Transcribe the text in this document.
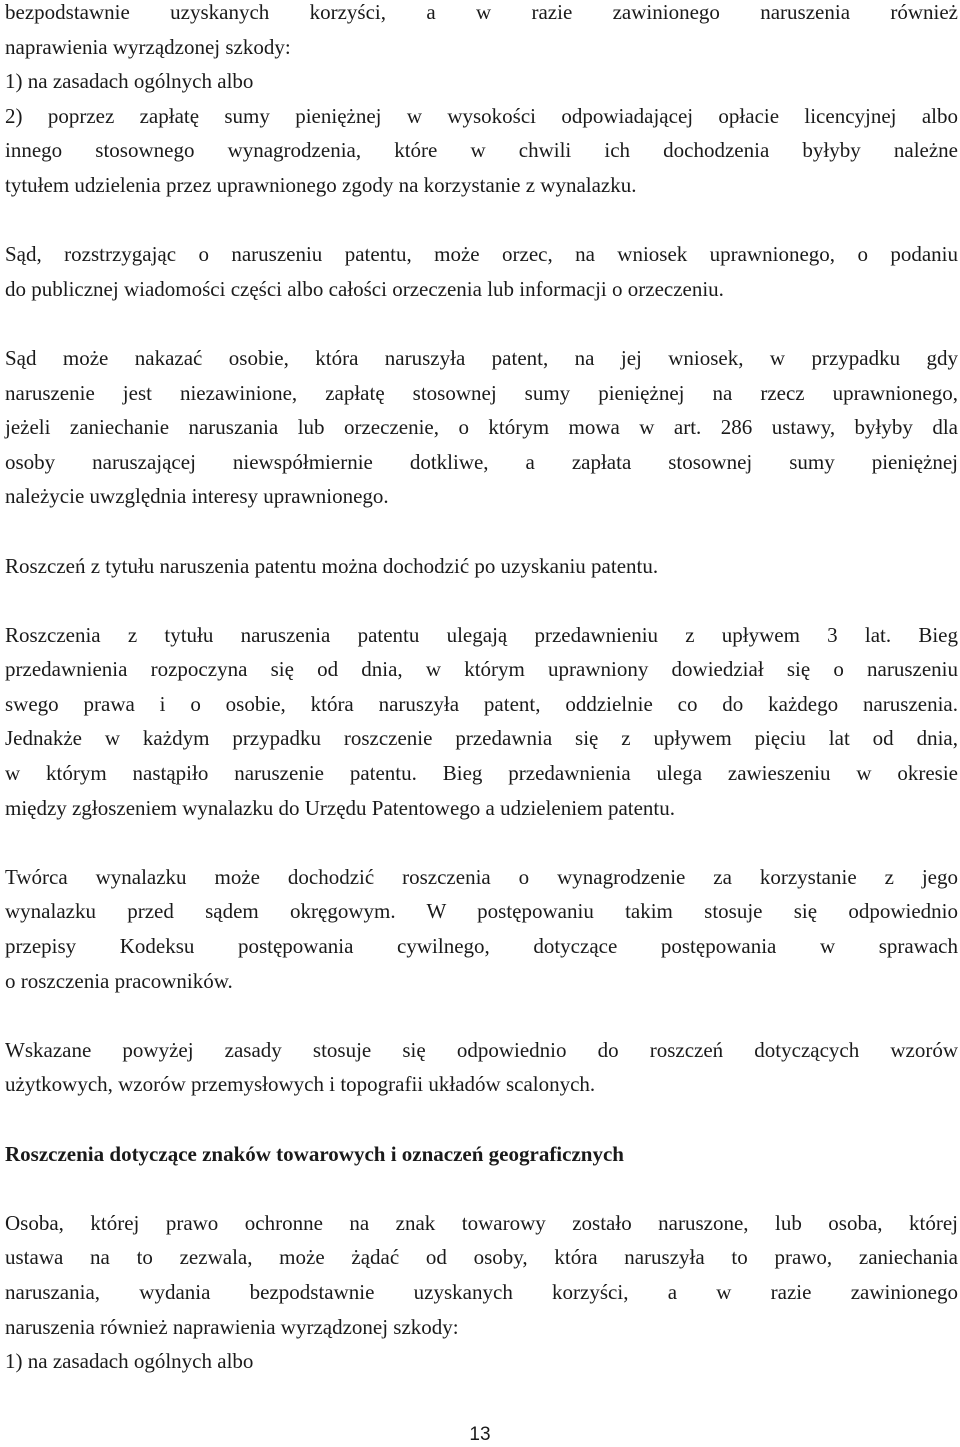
bezpodstawnie uzyskanych korzyści, a w razie zawinionego naruszenia również
naprawienia wyrządzonej szkody:
1) na zasadach ogólnych albo
2) poprzez zapłatę sumy pieniężnej w wysokości odpowiadającej opłacie licencyjnej albo
innego stosownego wynagrodzenia, które w chwili ich dochodzenia byłyby należne
tytułem udzielenia przez uprawnionego zgody na korzystanie z wynalazku.
Sąd, rozstrzygając o naruszeniu patentu, może orzec, na wniosek uprawnionego, o podaniu
do publicznej wiadomości części albo całości orzeczenia lub informacji o orzeczeniu.
Sąd może nakazać osobie, która naruszyła patent, na jej wniosek, w przypadku gdy
naruszenie jest niezawinione, zapłatę stosownej sumy pieniężnej na rzecz uprawnionego,
jeżeli zaniechanie naruszania lub orzeczenie, o którym mowa w art. 286 ustawy, byłyby dla
osoby naruszającej niewspółmiernie dotkliwe, a zapłata stosownej sumy pieniężnej
należycie uwzględnia interesy uprawnionego.
Roszczeń z tytułu naruszenia patentu można dochodzić po uzyskaniu patentu.
Roszczenia z tytułu naruszenia patentu ulegają przedawnieniu z upływem 3 lat. Bieg
przedawnienia rozpoczyna się od dnia, w którym uprawniony dowiedział się o naruszeniu
swego prawa i o osobie, która naruszyła patent, oddzielnie co do każdego naruszenia.
Jednakże w każdym przypadku roszczenie przedawnia się z upływem pięciu lat od dnia,
w którym nastąpiło naruszenie patentu. Bieg przedawnienia ulega zawieszeniu w okresie
między zgłoszeniem wynalazku do Urzędu Patentowego a udzieleniem patentu.
Twórca wynalazku może dochodzić roszczenia o wynagrodzenie za korzystanie z jego
wynalazku przed sądem okręgowym. W postępowaniu takim stosuje się odpowiednio
przepisy Kodeksu postępowania cywilnego, dotyczące postępowania w sprawach
o roszczenia pracowników.
Wskazane powyżej zasady stosuje się odpowiednio do roszczeń dotyczących wzorów
użytkowych, wzorów przemysłowych i topografii układów scalonych.
Roszczenia dotyczące znaków towarowych i oznaczeń geograficznych
Osoba, której prawo ochronne na znak towarowy zostało naruszone, lub osoba, której
ustawa na to zezwala, może żądać od osoby, która naruszyła to prawo, zaniechania
naruszania, wydania bezpodstawnie uzyskanych korzyści, a w razie zawinionego
naruszenia również naprawienia wyrządzonej szkody:
1) na zasadach ogólnych albo
13
